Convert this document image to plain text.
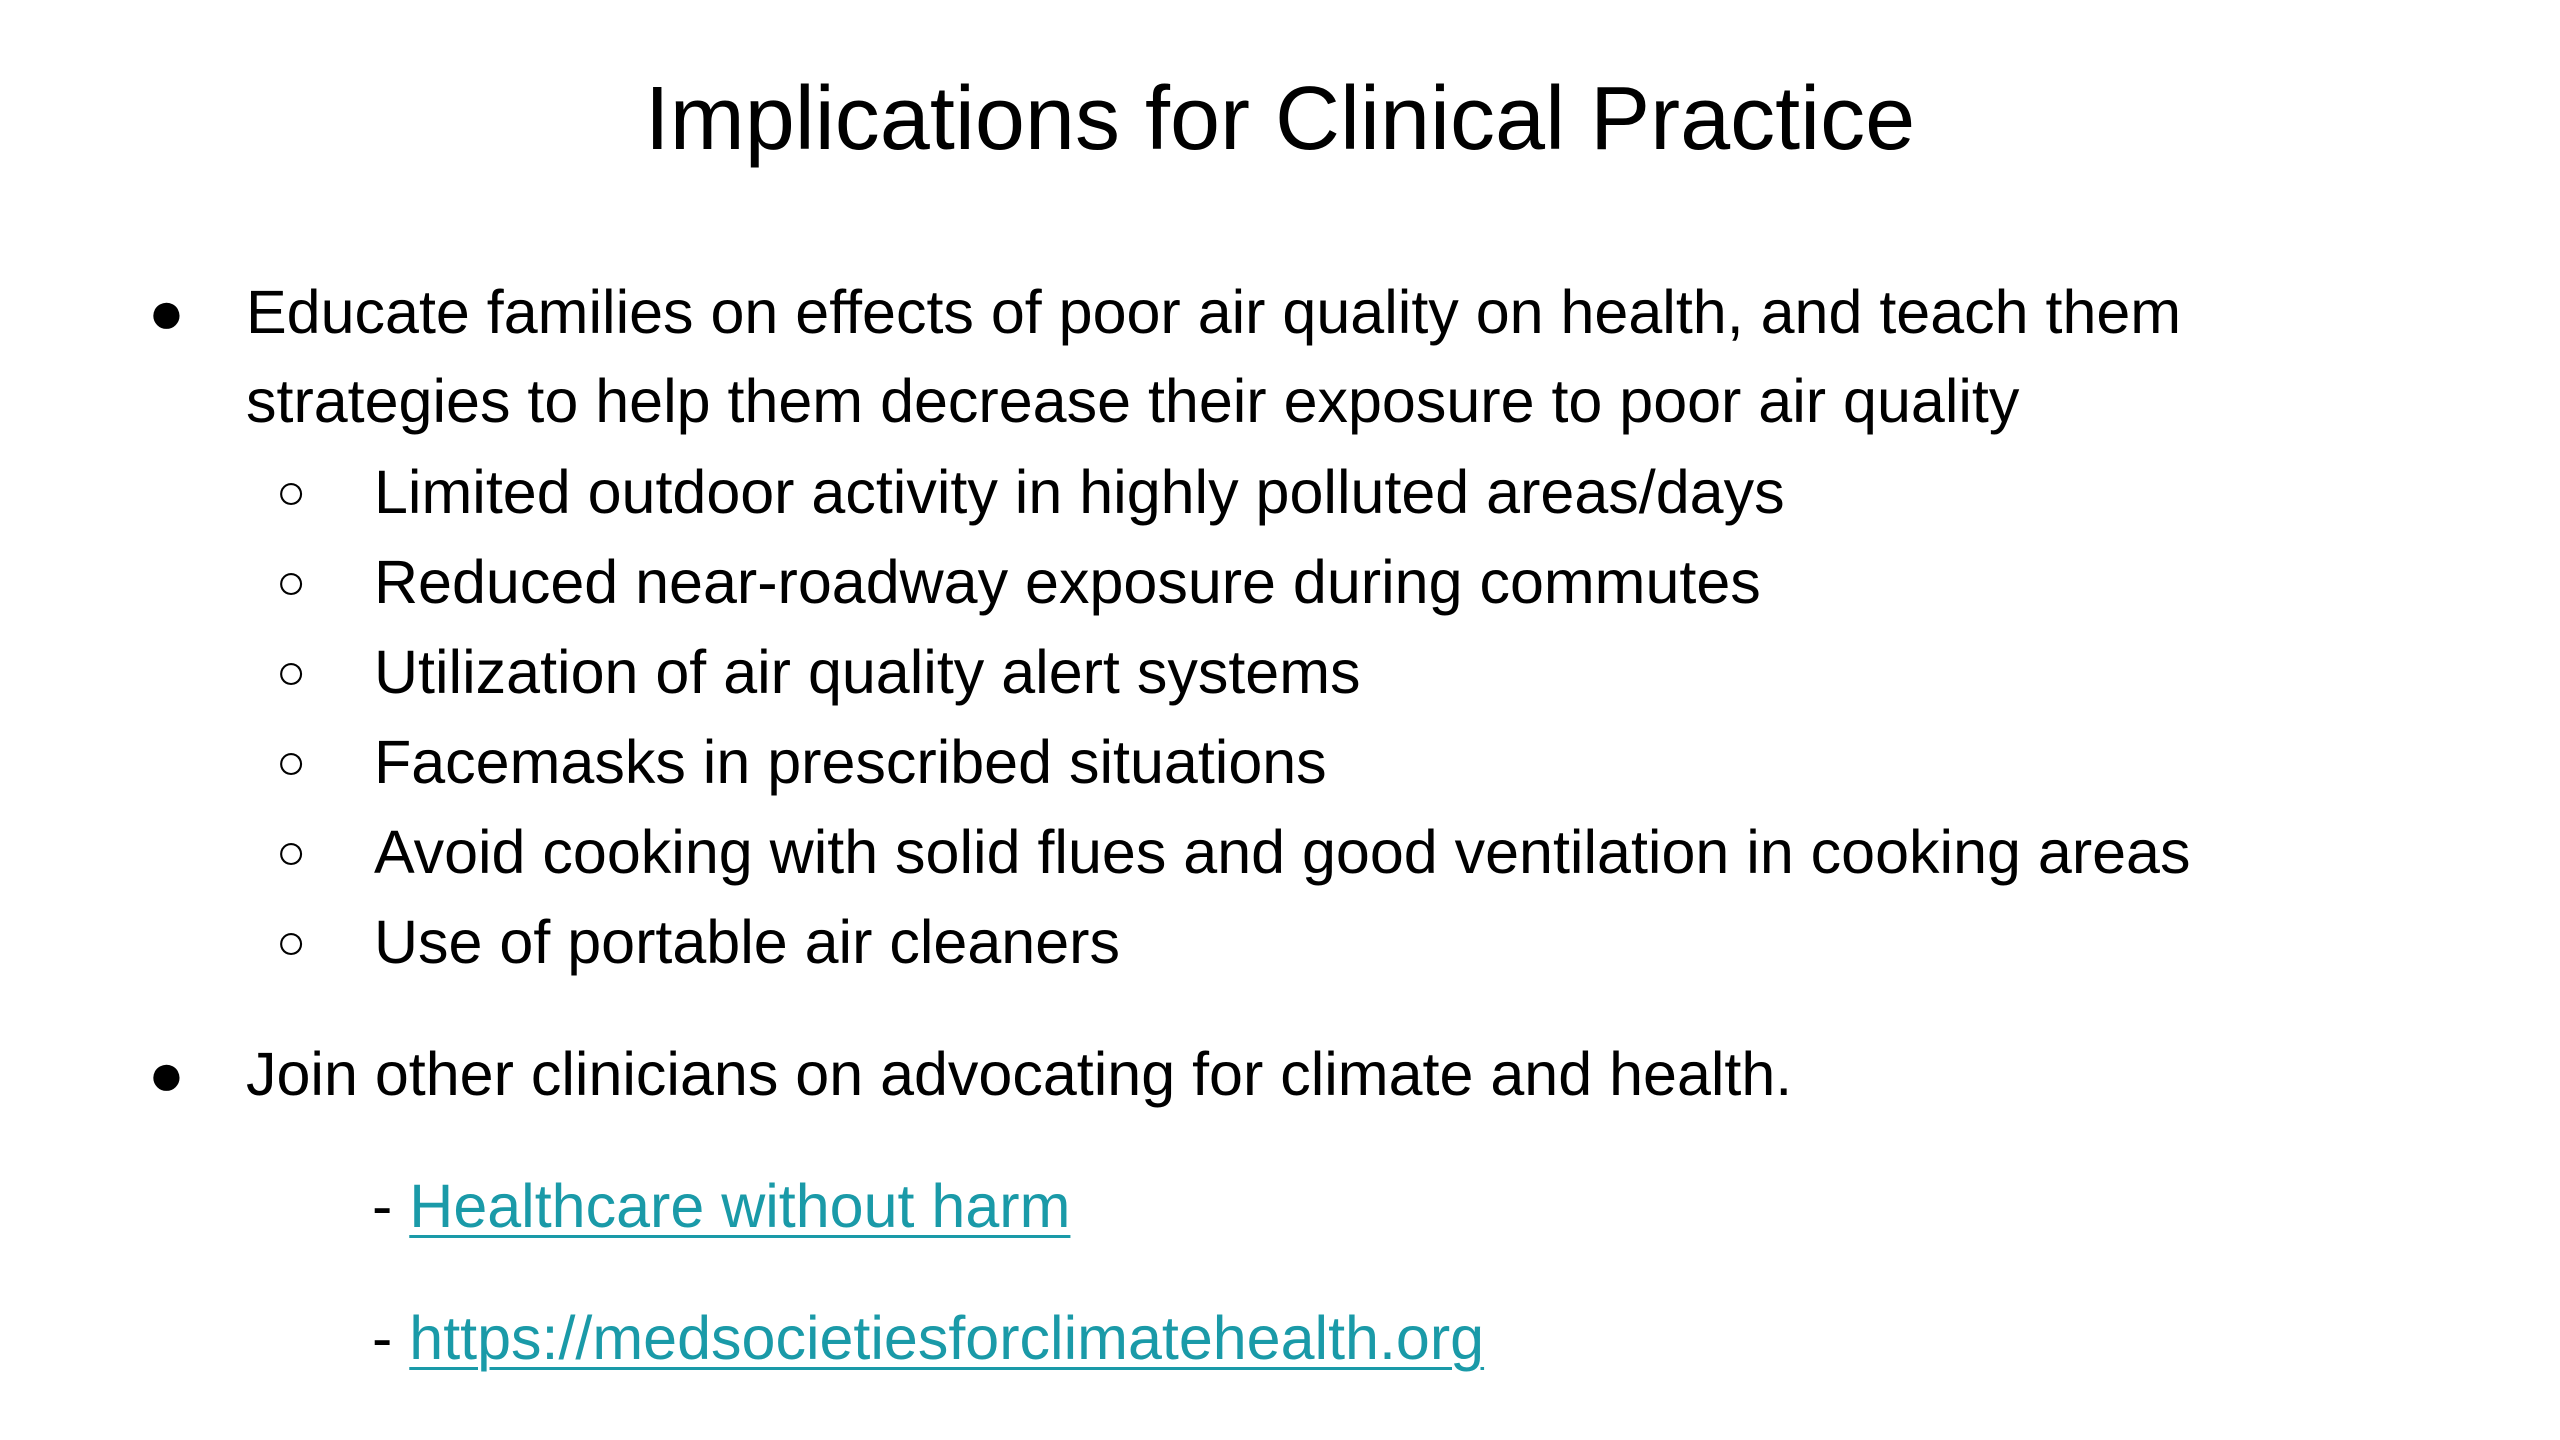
Implications for Clinical Practice
●	Educate families on effects of poor air quality on health, and teach them strategies to help them decrease their exposure to poor air quality
○ Limited outdoor activity in highly polluted areas/days
○ Reduced near-roadway exposure during commutes
○ Utilization of air quality alert systems
○ Facemasks in prescribed situations
○ Avoid cooking with solid flues and good ventilation in cooking areas
○ Use of portable air cleaners
●	Join other clinicians on advocating for climate and health.
- Healthcare without harm
- https://medsocietiesforclimatehealth.org
